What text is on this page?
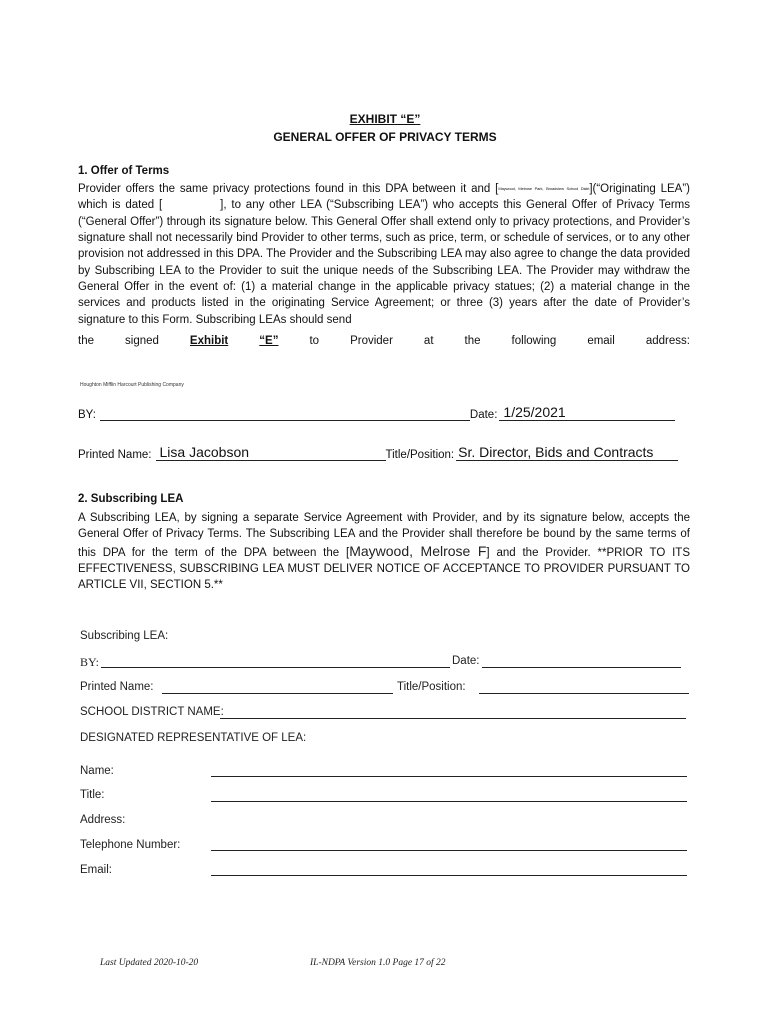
EXHIBIT “E”
GENERAL OFFER OF PRIVACY TERMS
1. Offer of Terms
Provider offers the same privacy protections found in this DPA between it and [Maywood, Melrose Park, Broadview School Distri](“Originating LEA”) which is dated [	], to any other LEA (“Subscribing LEA”) who accepts this General Offer of Privacy Terms (“General Offer”) through its signature below. This General Offer shall extend only to privacy protections, and Provider’s signature shall not necessarily bind Provider to other terms, such as price, term, or schedule of services, or to any other provision not addressed in this DPA. The Provider and the Subscribing LEA may also agree to change the data provided by Subscribing LEA to the Provider to suit the unique needs of the Subscribing LEA. The Provider may withdraw the General Offer in the event of: (1) a material change in the applicable privacy statues; (2) a material change in the services and products listed in the originating Service Agreement; or three (3) years after the date of Provider’s signature to this Form. Subscribing LEAs should send
the	signed	Exhibit	“E”	to	Provider	at	the	following	email	address:
Houghton Mifflin Harcourt Publishing Company
BY:	Date: 1/25/2021
Printed Name: Lisa Jacobson	Title/Position: Sr. Director, Bids and Contracts
2. Subscribing LEA
A Subscribing LEA, by signing a separate Service Agreement with Provider, and by its signature below, accepts the General Offer of Privacy Terms. The Subscribing LEA and the Provider shall therefore be bound by the same terms of this DPA for the term of the DPA between the [Maywood, Melrose F] and the Provider. **PRIOR TO ITS EFFECTIVENESS, SUBSCRIBING LEA MUST DELIVER NOTICE OF ACCEPTANCE TO PROVIDER PURSUANT TO ARTICLE VII, SECTION 5.**
Subscribing LEA:
BY:	Date:
Printed Name:	Title/Position:
SCHOOL DISTRICT NAME:
DESIGNATED REPRESENTATIVE OF LEA:
Name:
Title:
Address:
Telephone Number:
Email:
Last Updated 2020-10-20	IL-NDPA Version 1.0 Page 17 of 22
